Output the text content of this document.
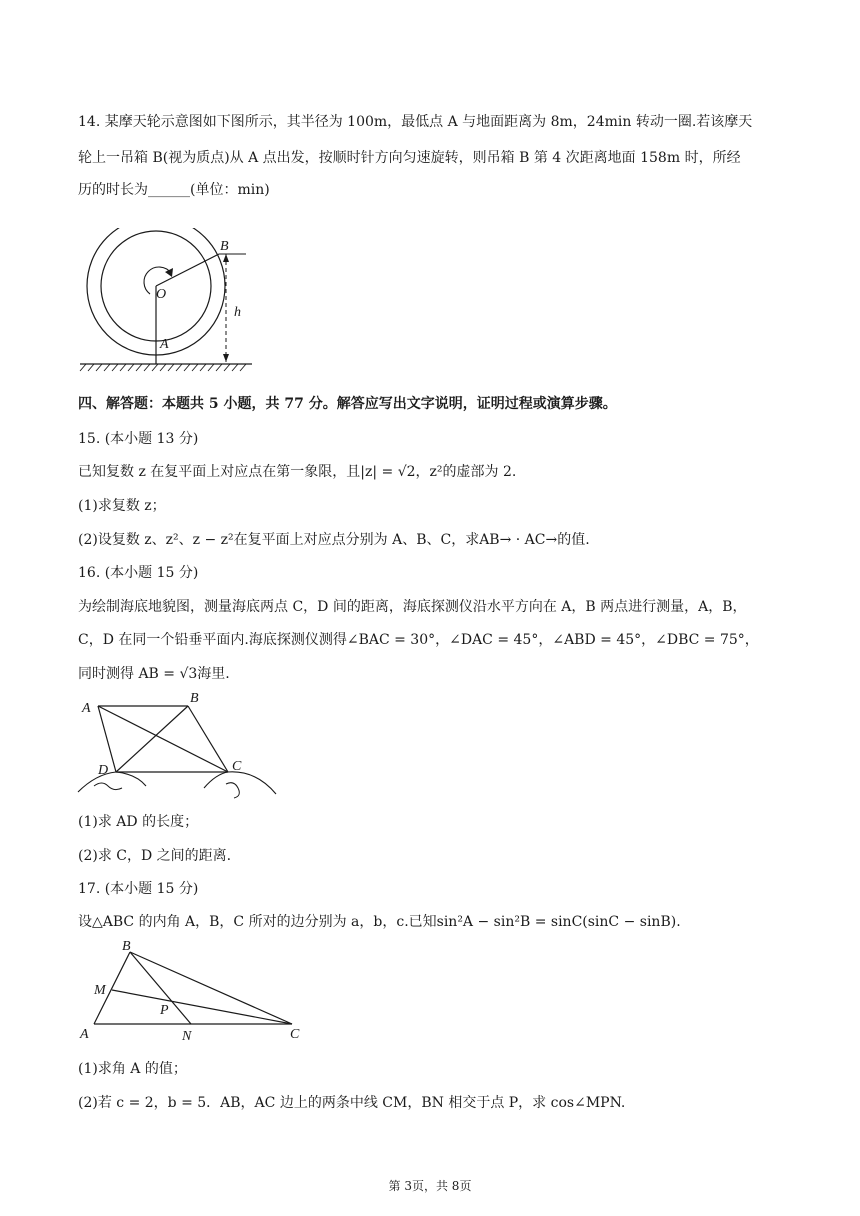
14. 某摩天轮示意图如下图所示，其半径为 100m，最低点 A 与地面距离为 8m，24min 转动一圈.若该摩天
轮上一吊箱 B(视为质点)从 A 点出发，按顺时针方向匀速旋转，则吊箱 B 第 4 次距离地面 158m 时，所经
历的时长为______(单位：min)
O
A
B
h
四、解答题：本题共 5 小题，共 77 分。解答应写出文字说明，证明过程或演算步骤。
15. (本小题 13 分)
已知复数 z 在复平面上对应点在第一象限，且|z| = √2，z²的虚部为 2.
(1)求复数 z；
(2)设复数 z、z²、z − z²在复平面上对应点分别为 A、B、C，求AB→ · AC→的值.
16. (本小题 15 分)
为绘制海底地貌图，测量海底两点 C，D 间的距离，海底探测仪沿水平方向在 A，B 两点进行测量，A，B，
C，D 在同一个铅垂平面内.海底探测仪测得∠BAC = 30°，∠DAC = 45°，∠ABD = 45°，∠DBC = 75°，
同时测得 AB = √3海里.
A
B
C
D
(1)求 AD 的长度；
(2)求 C，D 之间的距离.
17. (本小题 15 分)
设△ABC 的内角 A，B，C 所对的边分别为 a，b，c.已知sin²A − sin²B = sinC(sinC − sinB).
A
B
C
M
N
P
(1)求角 A 的值；
(2)若 c = 2，b = 5．AB，AC 边上的两条中线 CM，BN 相交于点 P，求 cos∠MPN.
第 3页，共 8页
